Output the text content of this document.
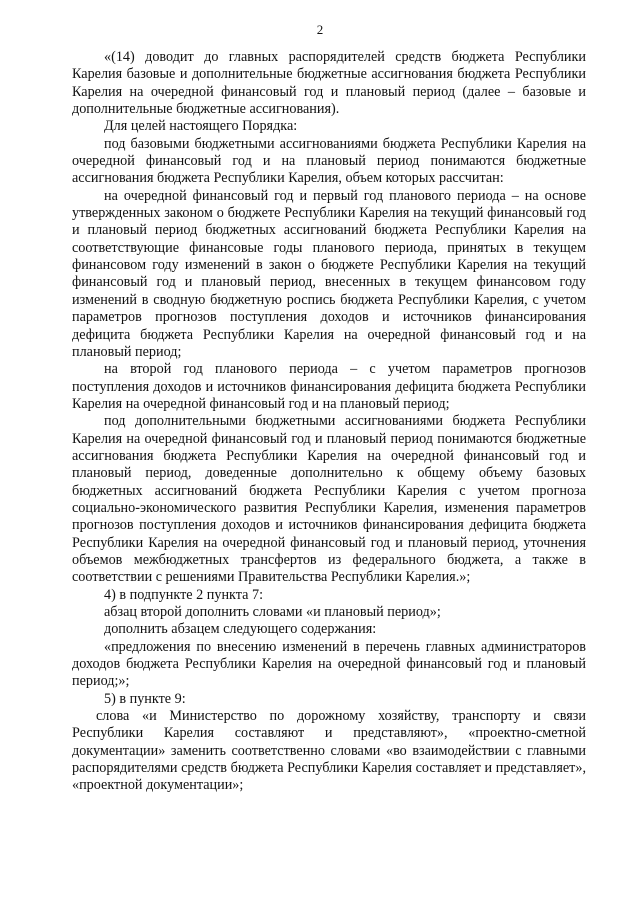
2

«(14) доводит до главных распорядителей средств бюджета Республики Карелия базовые и дополнительные бюджетные ассигнования бюджета Республики Карелия на очередной финансовый год и плановый период (далее – базовые и дополнительные бюджетные ассигнования).

Для целей настоящего Порядка:

под базовыми бюджетными ассигнованиями бюджета Республики Карелия на очередной финансовый год и на плановый период понимаются бюджетные ассигнования бюджета Республики Карелия, объем которых рассчитан:

на очередной финансовый год и первый год планового периода – на основе утвержденных законом о бюджете Республики Карелия на текущий финансовый год и плановый период бюджетных ассигнований бюджета Республики Карелия на соответствующие финансовые годы планового периода, принятых в текущем финансовом году изменений в закон о бюджете Республики Карелия на текущий финансовый год и плановый период, внесенных в текущем финансовом году изменений в сводную бюджетную роспись бюджета Республики Карелия, с учетом параметров прогнозов поступления доходов и источников финансирования дефицита бюджета Республики Карелия на очередной финансовый год и на плановый период;

на второй год планового периода – с учетом параметров прогнозов поступления доходов и источников финансирования дефицита бюджета Республики Карелия на очередной финансовый год и на плановый период;

под дополнительными бюджетными ассигнованиями бюджета Республики Карелия на очередной финансовый год и плановый период понимаются бюджетные ассигнования бюджета Республики Карелия на очередной финансовый год и плановый период, доведенные дополнительно к общему объему базовых бюджетных ассигнований бюджета Республики Карелия с учетом прогноза социально-экономического развития Республики Карелия, изменения параметров прогнозов поступления доходов и источников финансирования дефицита бюджета Республики Карелия на очередной финансовый год и плановый период, уточнения объемов межбюджетных трансфертов из федерального бюджета, а также в соответствии с решениями Правительства Республики Карелия.»;

4) в подпункте 2 пункта 7:

абзац второй дополнить словами «и плановый период»;

дополнить абзацем следующего содержания:

«предложения по внесению изменений в перечень главных администраторов доходов бюджета Республики Карелия на очередной финансовый год и плановый период;»;

5) в пункте 9:

слова «и Министерство по дорожному хозяйству, транспорту и связи Республики Карелия составляют и представляют», «проектно-сметной документации» заменить соответственно словами «во взаимодействии с главными распорядителями средств бюджета Республики Карелия составляет и представляет», «проектной документации»;
